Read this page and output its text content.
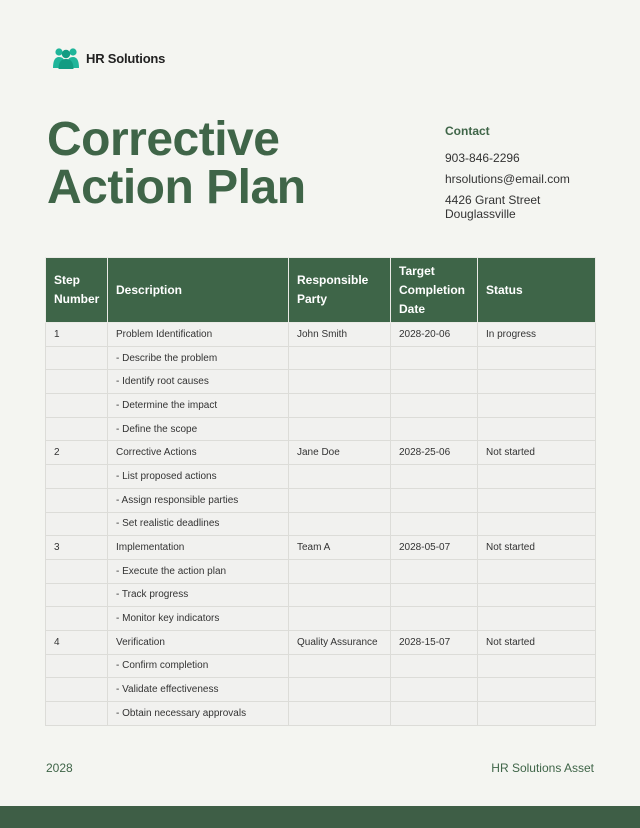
HR Solutions
Corrective
Action Plan
Contact
903-846-2296
hrsolutions@email.com
4426 Grant Street
Douglassville
Step Number	Description	Responsible Party	Target Completion Date	Status
1	Problem Identification	John Smith	2028-20-06	In progress
	- Describe the problem			
	- Identify root causes			
	- Determine the impact			
	- Define the scope			
2	Corrective Actions	Jane Doe	2028-25-06	Not started
	- List proposed actions			
	- Assign responsible parties			
	- Set realistic deadlines			
3	Implementation	Team A	2028-05-07	Not started
	- Execute the action plan			
	- Track progress			
	- Monitor key indicators			
4	Verification	Quality Assurance	2028-15-07	Not started
	- Confirm completion			
	- Validate effectiveness			
	- Obtain necessary approvals			
2028	HR Solutions Asset
